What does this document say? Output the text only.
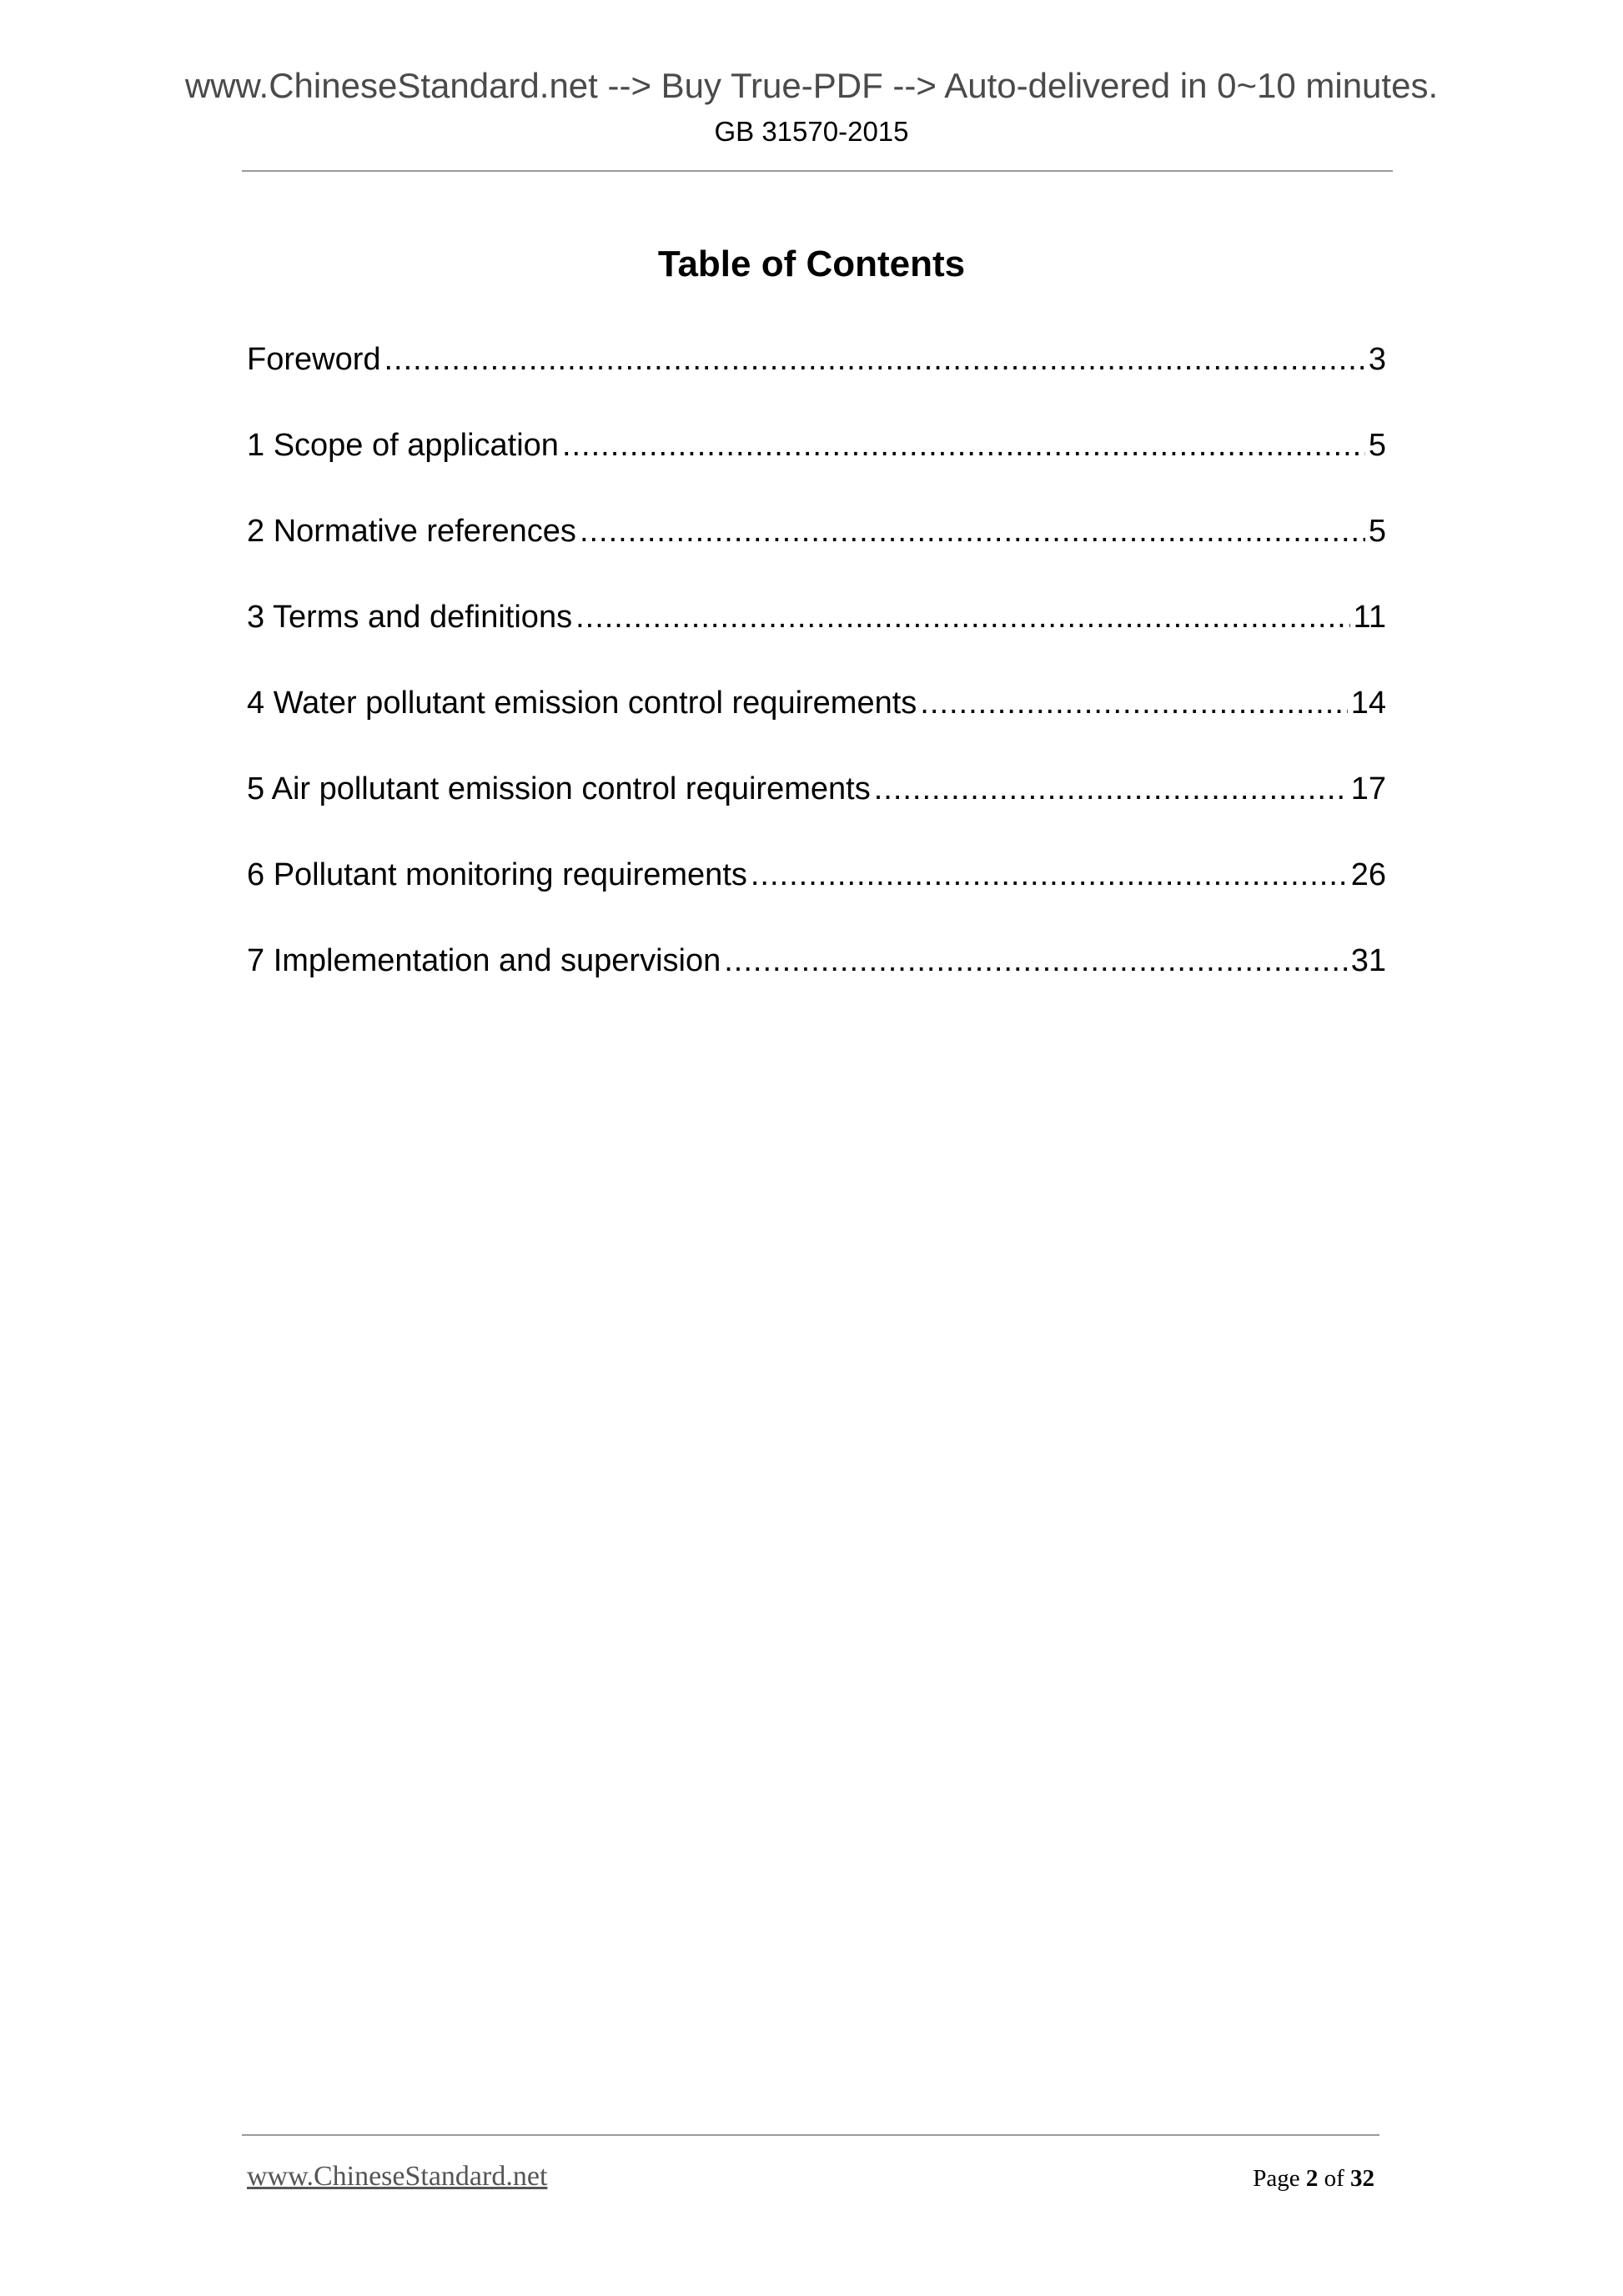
www.ChineseStandard.net --> Buy True-PDF --> Auto-delivered in 0~10 minutes.
GB 31570-2015
Table of Contents
Foreword .....	3
1 Scope of application .....	5
2 Normative references .....	5
3 Terms and definitions .....	11
4 Water pollutant emission control requirements .....	14
5 Air pollutant emission control requirements .....	17
6 Pollutant monitoring requirements .....	26
7 Implementation and supervision .....	31
www.ChineseStandard.net	Page 2 of 32
